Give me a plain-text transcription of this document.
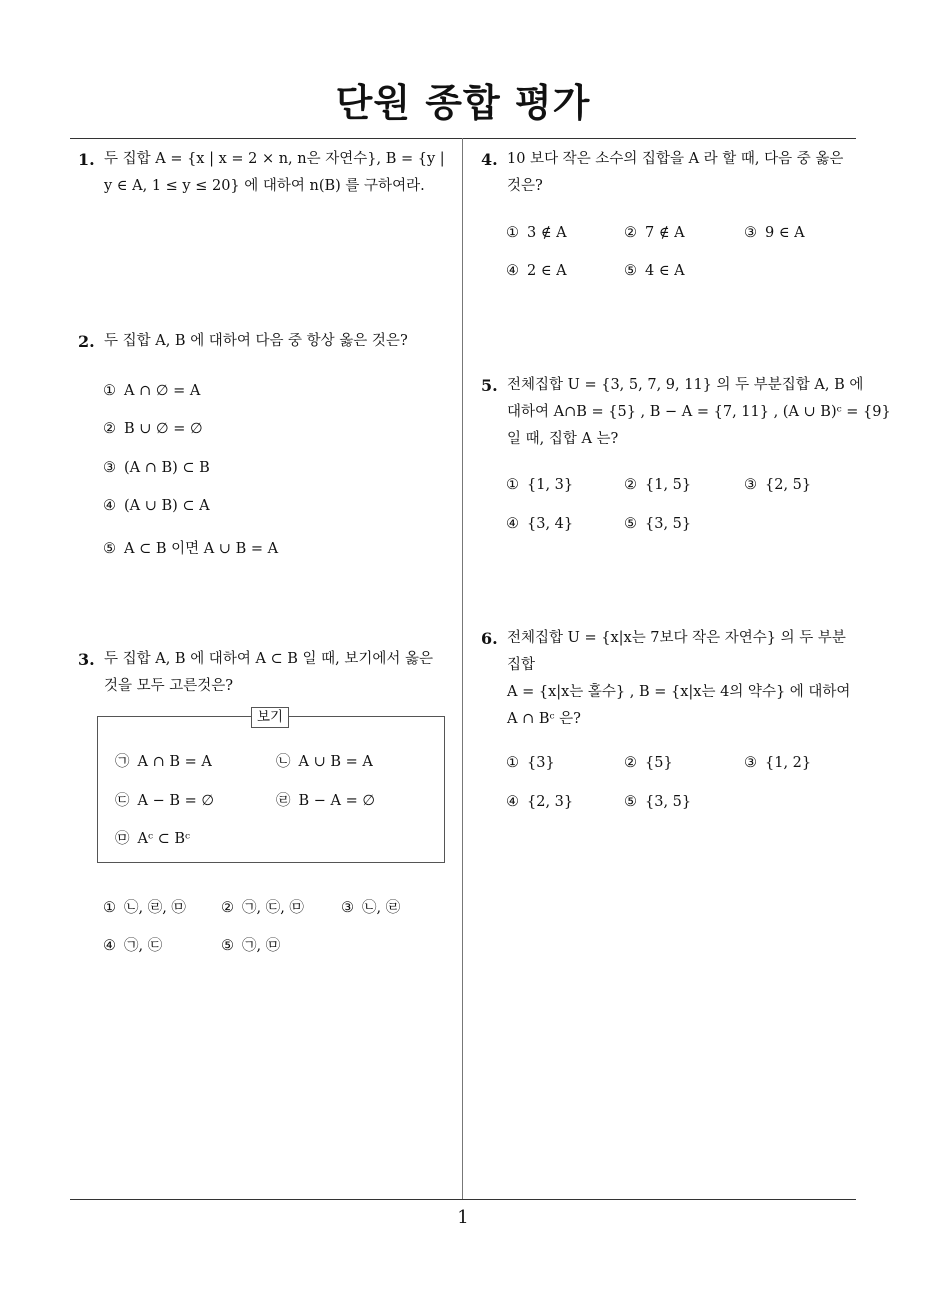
단원 종합 평가
1
1. 두 집합 A = {x | x = 2 × n, n은 자연수}, B = {y |
y ∈ A, 1 ≤ y ≤ 20} 에 대하여 n(B) 를 구하여라.
2. 두 집합 A, B 에 대하여 다음 중 항상 옳은 것은?
① A ∩ ∅ = A
② B ∪ ∅ = ∅
③ (A ∩ B) ⊂ B
④ (A ∪ B) ⊂ A
⑤ A ⊂ B 이면 A ∪ B = A
3. 두 집합 A, B 에 대하여 A ⊂ B 일 때, 보기에서 옳은
것을 모두 고른것은?
보기
㉠ A ∩ B = A	㉡ A ∪ B = A
㉢ A − B = ∅	㉣ B − A = ∅
㉤ Aᶜ ⊂ Bᶜ
① ㉡, ㉣, ㉤ ② ㉠, ㉢, ㉤	③ ㉡, ㉣
④ ㉠, ㉢	⑤ ㉠, ㉤
4. 10 보다 작은 소수의 집합을 A 라 할 때, 다음 중 옳은
것은?
① 3 ∉ A	② 7 ∉ A	③ 9 ∈ A
④ 2 ∈ A	⑤ 4 ∈ A
5. 전체집합 U = {3, 5, 7, 9, 11} 의 두 부분집합 A, B 에
대하여 A∩B = {5} , B − A = {7, 11} , (A ∪ B)ᶜ = {9}
일 때, 집합 A 는?
① {1, 3}	② {1, 5}	③ {2, 5}
④ {3, 4}	⑤ {3, 5}
6. 전체집합 U = {x|x는 7보다 작은 자연수} 의 두 부분
집합
A = {x|x는 홀수} , B = {x|x는 4의 약수} 에 대하여
A ∩ Bᶜ 은?
① {3}	② {5}	③ {1, 2}
④ {2, 3}	⑤ {3, 5}
